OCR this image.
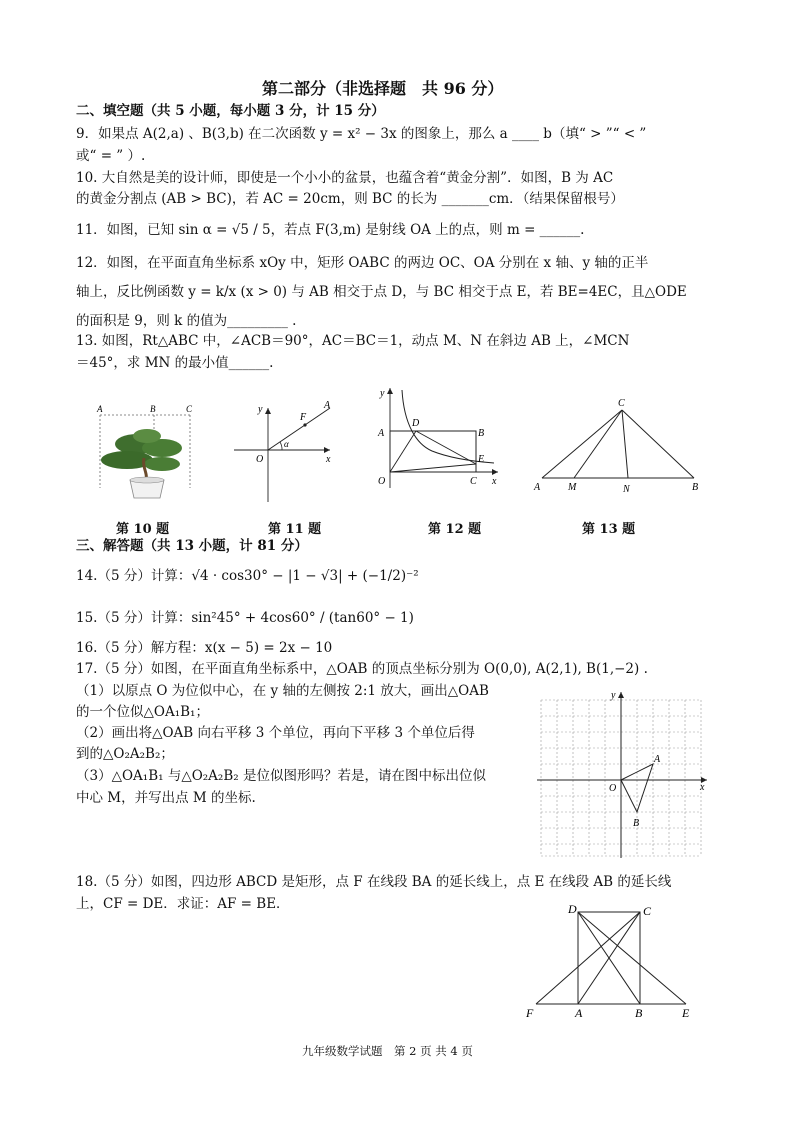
第二部分（非选择题　共 96 分）
二、填空题（共 5 小题，每小题 3 分，计 15 分）
9．如果点 A(2,a) 、B(3,b) 在二次函数 y = x² − 3x 的图象上，那么 a ____ b（填“ > ”“ < ”
或“ = ” ）.
10. 大自然是美的设计师，即使是一个小小的盆景，也蕴含着“黄金分割”．如图，B 为 AC
的黄金分割点 (AB > BC)，若 AC = 20cm，则 BC 的长为 _______cm．（结果保留根号）
11．如图，已知 sin α = √5 / 5，若点 F(3,m) 是射线 OA 上的点，则 m = ______.
12．如图，在平面直角坐标系 xOy 中，矩形 OABC 的两边 OC、OA 分别在 x 轴、y 轴的正半
轴上，反比例函数 y = k/x (x > 0) 与 AB 相交于点 D，与 BC 相交于点 E，若 BE=4EC，且△ODE
的面积是 9，则 k 的值为_________ .
13. 如图，Rt△ABC 中，∠ACB＝90°，AC＝BC＝1，动点 M、N 在斜边 AB 上，∠MCN
＝45°，求 MN 的最小值______.
A	B	C	y
x
O
α
F
A
y
A
D
B
E
O	C x
C
A	M	N	B
第 10 题	第 11 题	第 12 题	第 13 题
三、解答题（共 13 小题，计 81 分）
14.（5 分）计算：√4 · cos30° − |1 − √3| + (−1/2)⁻²
15.（5 分）计算：sin²45° + 4cos60° / (tan60° − 1)
16.（5 分）解方程：x(x − 5) = 2x − 10
17.（5 分）如图，在平面直角坐标系中，△OAB 的顶点坐标分别为 O(0,0), A(2,1), B(1,−2) .
（1）以原点 O 为位似中心，在 y 轴的左侧按 2:1 放大，画出△OAB
的一个位似△OA₁B₁；
（2）画出将△OAB 向右平移 3 个单位，再向下平移 3 个单位后得
到的△O₂A₂B₂；
（3）△OA₁B₁ 与△O₂A₂B₂ 是位似图形吗？若是，请在图中标出位似
中心 M，并写出点 M 的坐标.
y
x
O
A
B
18.（5 分）如图，四边形 ABCD 是矩形，点 F 在线段 BA 的延长线上，点 E 在线段 AB 的延长线
上，CF = DE．求证：AF = BE．	D	C
F	A	B	E
九年级数学试题　第 2 页 共 4 页
